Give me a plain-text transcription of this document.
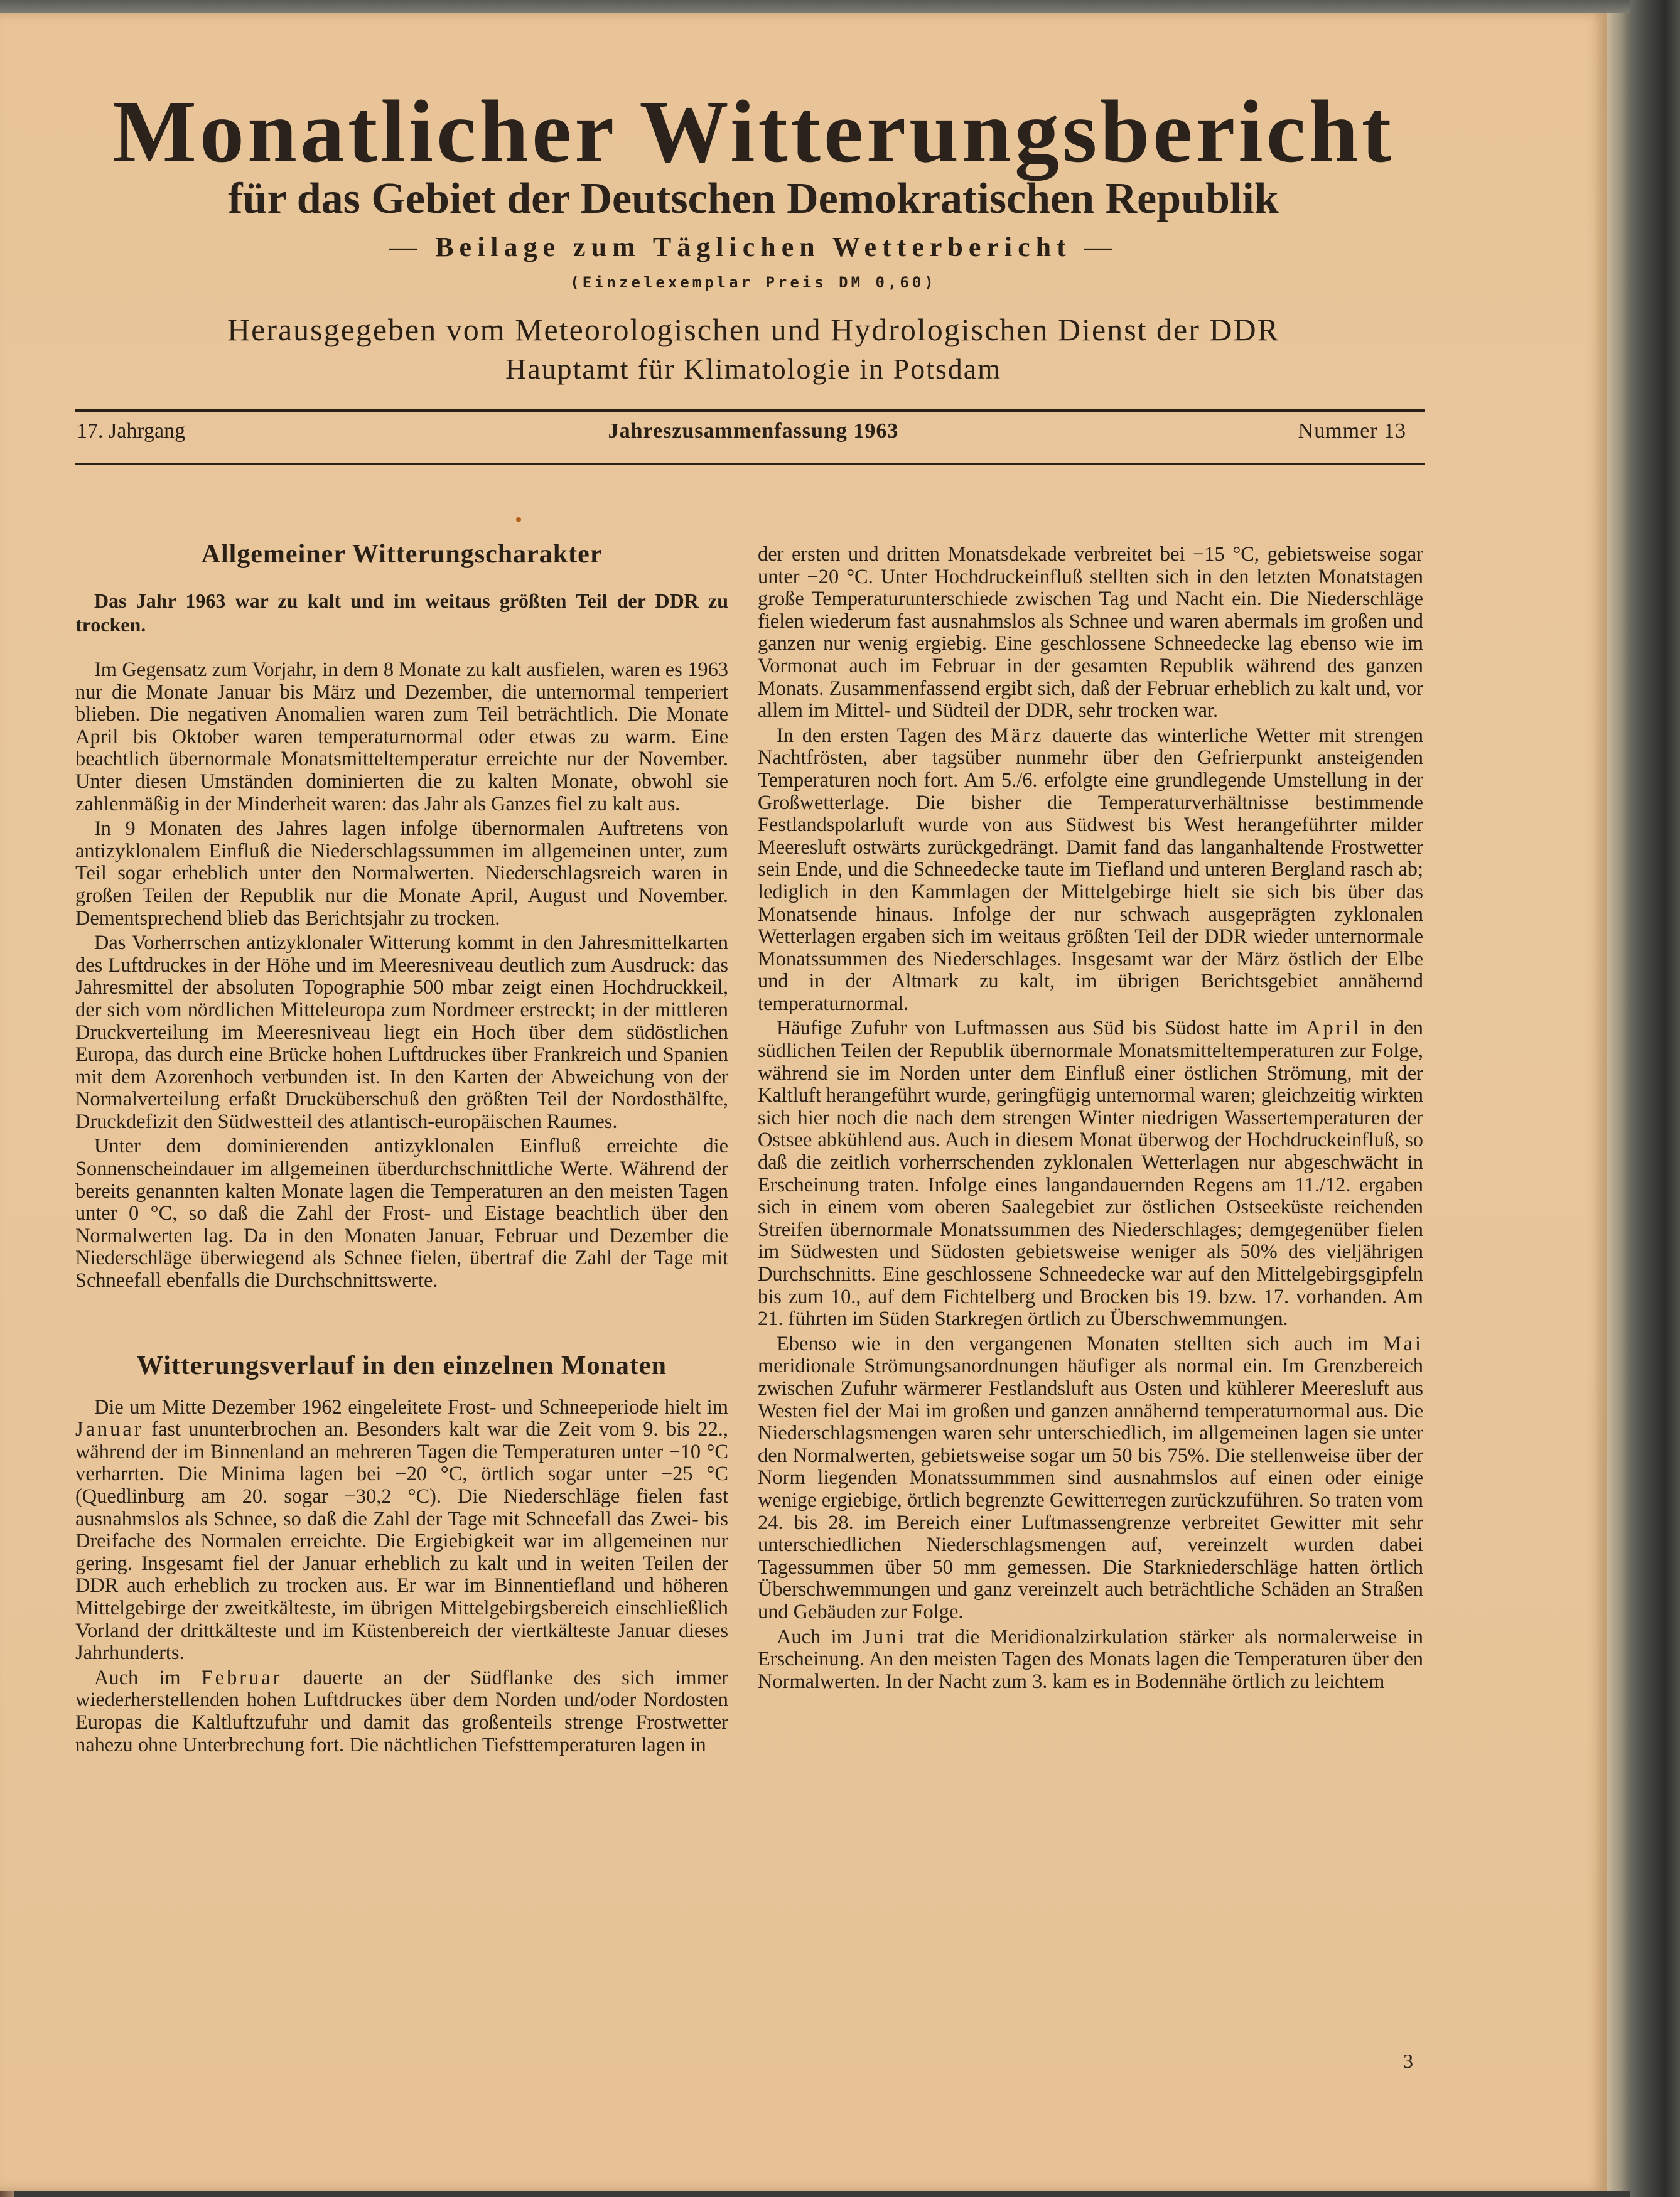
Monatlicher Witterungsbericht
für das Gebiet der Deutschen Demokratischen Republik
— Beilage zum Täglichen Wetterbericht —
(Einzelexemplar Preis DM 0,60)
Herausgegeben vom Meteorologischen und Hydrologischen Dienst der DDR
Hauptamt für Klimatologie in Potsdam
17. Jahrgang	Jahreszusammenfassung 1963	Nummer 13
Allgemeiner Witterungscharakter
Das Jahr 1963 war zu kalt und im weitaus größten Teil der DDR zu trocken.

Im Gegensatz zum Vorjahr, in dem 8 Monate zu kalt ausfielen, waren es 1963 nur die Monate Januar bis März und Dezember, die unternormal temperiert blieben. Die negativen Anomalien waren zum Teil beträchtlich. Die Monate April bis Oktober waren temperaturnormal oder etwas zu warm. Eine beachtlich übernormale Monatsmitteltemperatur erreichte nur der November. Unter diesen Umständen dominierten die zu kalten Monate, obwohl sie zahlenmäßig in der Minderheit waren: das Jahr als Ganzes fiel zu kalt aus.

In 9 Monaten des Jahres lagen infolge übernormalen Auftretens von antizyklonalem Einfluß die Niederschlagssummen im allgemeinen unter, zum Teil sogar erheblich unter den Normalwerten. Niederschlagsreich waren in großen Teilen der Republik nur die Monate April, August und November. Dementsprechend blieb das Berichtsjahr zu trocken.

Das Vorherrschen antizyklonaler Witterung kommt in den Jahresmittelkarten des Luftdruckes in der Höhe und im Meeresniveau deutlich zum Ausdruck: das Jahresmittel der absoluten Topographie 500 mbar zeigt einen Hochdruckkeil, der sich vom nördlichen Mitteleuropa zum Nordmeer erstreckt; in der mittleren Druckverteilung im Meeresniveau liegt ein Hoch über dem südöstlichen Europa, das durch eine Brücke hohen Luftdruckes über Frankreich und Spanien mit dem Azorenhoch verbunden ist. In den Karten der Abweichung von der Normalverteilung erfaßt Drucküberschuß den größten Teil der Nordosthälfte, Druckdefizit den Südwestteil des atlantisch-europäischen Raumes.

Unter dem dominierenden antizyklonalen Einfluß erreichte die Sonnenscheindauer im allgemeinen überdurchschnittliche Werte. Während der bereits genannten kalten Monate lagen die Temperaturen an den meisten Tagen unter 0 °C, so daß die Zahl der Frost- und Eistage beachtlich über den Normalwerten lag. Da in den Monaten Januar, Februar und Dezember die Niederschläge überwiegend als Schnee fielen, übertraf die Zahl der Tage mit Schneefall ebenfalls die Durchschnittswerte.

Witterungsverlauf in den einzelnen Monaten

Die um Mitte Dezember 1962 eingeleitete Frost- und Schneeperiode hielt im Januar fast ununterbrochen an. Besonders kalt war die Zeit vom 9. bis 22., während der im Binnenland an mehreren Tagen die Temperaturen unter −10 °C verharrten. Die Minima lagen bei −20 °C, örtlich sogar unter −25 °C (Quedlinburg am 20. sogar −30,2 °C). Die Niederschläge fielen fast ausnahmslos als Schnee, so daß die Zahl der Tage mit Schneefall das Zwei- bis Dreifache des Normalen erreichte. Die Ergiebigkeit war im allgemeinen nur gering. Insgesamt fiel der Januar erheblich zu kalt und in weiten Teilen der DDR auch erheblich zu trocken aus. Er war im Binnentiefland und höheren Mittelgebirge der zweitkälteste, im übrigen Mittelgebirgsbereich einschließlich Vorland der drittkälteste und im Küstenbereich der viertkälteste Januar dieses Jahrhunderts.

Auch im Februar dauerte an der Südflanke des sich immer wiederherstellenden hohen Luftdruckes über dem Norden und/oder Nordosten Europas die Kaltluftzufuhr und damit das großenteils strenge Frostwetter nahezu ohne Unterbrechung fort. Die nächtlichen Tiefsttemperaturen lagen in

der ersten und dritten Monatsdekade verbreitet bei −15 °C, gebietsweise sogar unter −20 °C. Unter Hochdruckeinfluß stellten sich in den letzten Monatstagen große Temperaturunterschiede zwischen Tag und Nacht ein. Die Niederschläge fielen wiederum fast ausnahmslos als Schnee und waren abermals im großen und ganzen nur wenig ergiebig. Eine geschlossene Schneedecke lag ebenso wie im Vormonat auch im Februar in der gesamten Republik während des ganzen Monats. Zusammenfassend ergibt sich, daß der Februar erheblich zu kalt und, vor allem im Mittel- und Südteil der DDR, sehr trocken war.

In den ersten Tagen des März dauerte das winterliche Wetter mit strengen Nachtfrösten, aber tagsüber nunmehr über den Gefrierpunkt ansteigenden Temperaturen noch fort. Am 5./6. erfolgte eine grundlegende Umstellung in der Großwetterlage. Die bisher die Temperaturverhältnisse bestimmende Festlandspolarluft wurde von aus Südwest bis West herangeführter milder Meeresluft ostwärts zurückgedrängt. Damit fand das langanhaltende Frostwetter sein Ende, und die Schneedecke taute im Tiefland und unteren Bergland rasch ab; lediglich in den Kammlagen der Mittelgebirge hielt sie sich bis über das Monatsende hinaus. Infolge der nur schwach ausgeprägten zyklonalen Wetterlagen ergaben sich im weitaus größten Teil der DDR wieder unternormale Monatssummen des Niederschlages. Insgesamt war der März östlich der Elbe und in der Altmark zu kalt, im übrigen Berichtsgebiet annähernd temperaturnormal.

Häufige Zufuhr von Luftmassen aus Süd bis Südost hatte im April in den südlichen Teilen der Republik übernormale Monatsmitteltemperaturen zur Folge, während sie im Norden unter dem Einfluß einer östlichen Strömung, mit der Kaltluft herangeführt wurde, geringfügig unternormal waren; gleichzeitig wirkten sich hier noch die nach dem strengen Winter niedrigen Wassertemperaturen der Ostsee abkühlend aus. Auch in diesem Monat überwog der Hochdruckeinfluß, so daß die zeitlich vorherrschenden zyklonalen Wetterlagen nur abgeschwächt in Erscheinung traten. Infolge eines langandauernden Regens am 11./12. ergaben sich in einem vom oberen Saalegebiet zur östlichen Ostseeküste reichenden Streifen übernormale Monatssummen des Niederschlages; demgegenüber fielen im Südwesten und Südosten gebietsweise weniger als 50% des vieljährigen Durchschnitts. Eine geschlossene Schneedecke war auf den Mittelgebirgsgipfeln bis zum 10., auf dem Fichtelberg und Brocken bis 19. bzw. 17. vorhanden. Am 21. führten im Süden Starkregen örtlich zu Überschwemmungen.

Ebenso wie in den vergangenen Monaten stellten sich auch im Mai meridionale Strömungsanordnungen häufiger als normal ein. Im Grenzbereich zwischen Zufuhr wärmerer Festlandsluft aus Osten und kühlerer Meeresluft aus Westen fiel der Mai im großen und ganzen annähernd temperaturnormal aus. Die Niederschlagsmengen waren sehr unterschiedlich, im allgemeinen lagen sie unter den Normalwerten, gebietsweise sogar um 50 bis 75%. Die stellenweise über der Norm liegenden Monatssummmen sind ausnahmslos auf einen oder einige wenige ergiebige, örtlich begrenzte Gewitterregen zurückzuführen. So traten vom 24. bis 28. im Bereich einer Luftmassengrenze verbreitet Gewitter mit sehr unterschiedlichen Niederschlagsmengen auf, vereinzelt wurden dabei Tagessummen über 50 mm gemessen. Die Starkniederschläge hatten örtlich Überschwemmungen und ganz vereinzelt auch beträchtliche Schäden an Straßen und Gebäuden zur Folge.

Auch im Juni trat die Meridionalzirkulation stärker als normalerweise in Erscheinung. An den meisten Tagen des Monats lagen die Temperaturen über den Normalwerten. In der Nacht zum 3. kam es in Bodennähe örtlich zu leichtem

3
